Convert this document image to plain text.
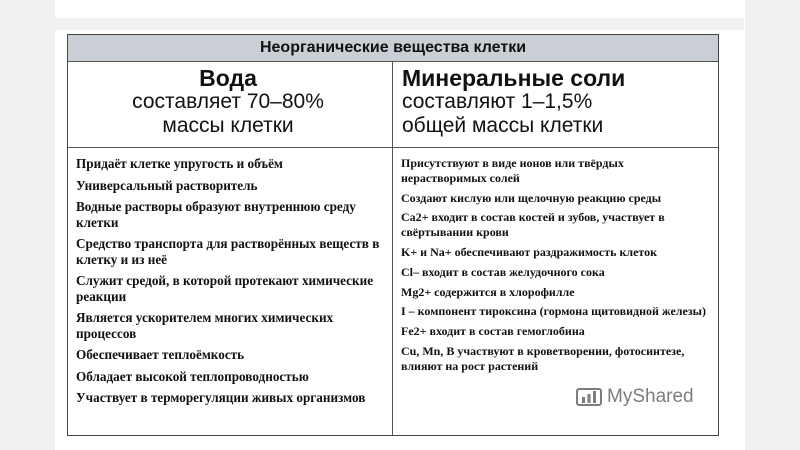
Неорганические вещества клетки
Вода
составляет 70–80%
массы клетки
Минеральные соли
составляют 1–1,5%
общей массы клетки
Придаёт клетке упругость и объём
Универсальный растворитель
Водные растворы образуют внутреннюю среду клетки
Средство транспорта для растворённых веществ в клетку и из неё
Служит средой, в которой протекают химические реакции
Является ускорителем многих химических процессов
Обеспечивает теплоёмкость
Обладает высокой теплопроводностью
Участвует в терморегуляции живых организмов
Присутствуют в виде ионов или твёрдых нерастворимых солей
Создают кислую или щелочную реакцию среды
Ca2+ входит в состав костей и зубов, участвует в свёртывании крови
K+ и Na+ обеспечивают раздражимость клеток
Cl– входит в состав желудочного сока
Mg2+ содержится в хлорофилле
I – компонент тироксина (гормона щитовидной железы)
Fe2+ входит в состав гемоглобина
Cu, Mn, B участвуют в кроветворении, фотосинтезе, влияют на рост растений
MyShared
